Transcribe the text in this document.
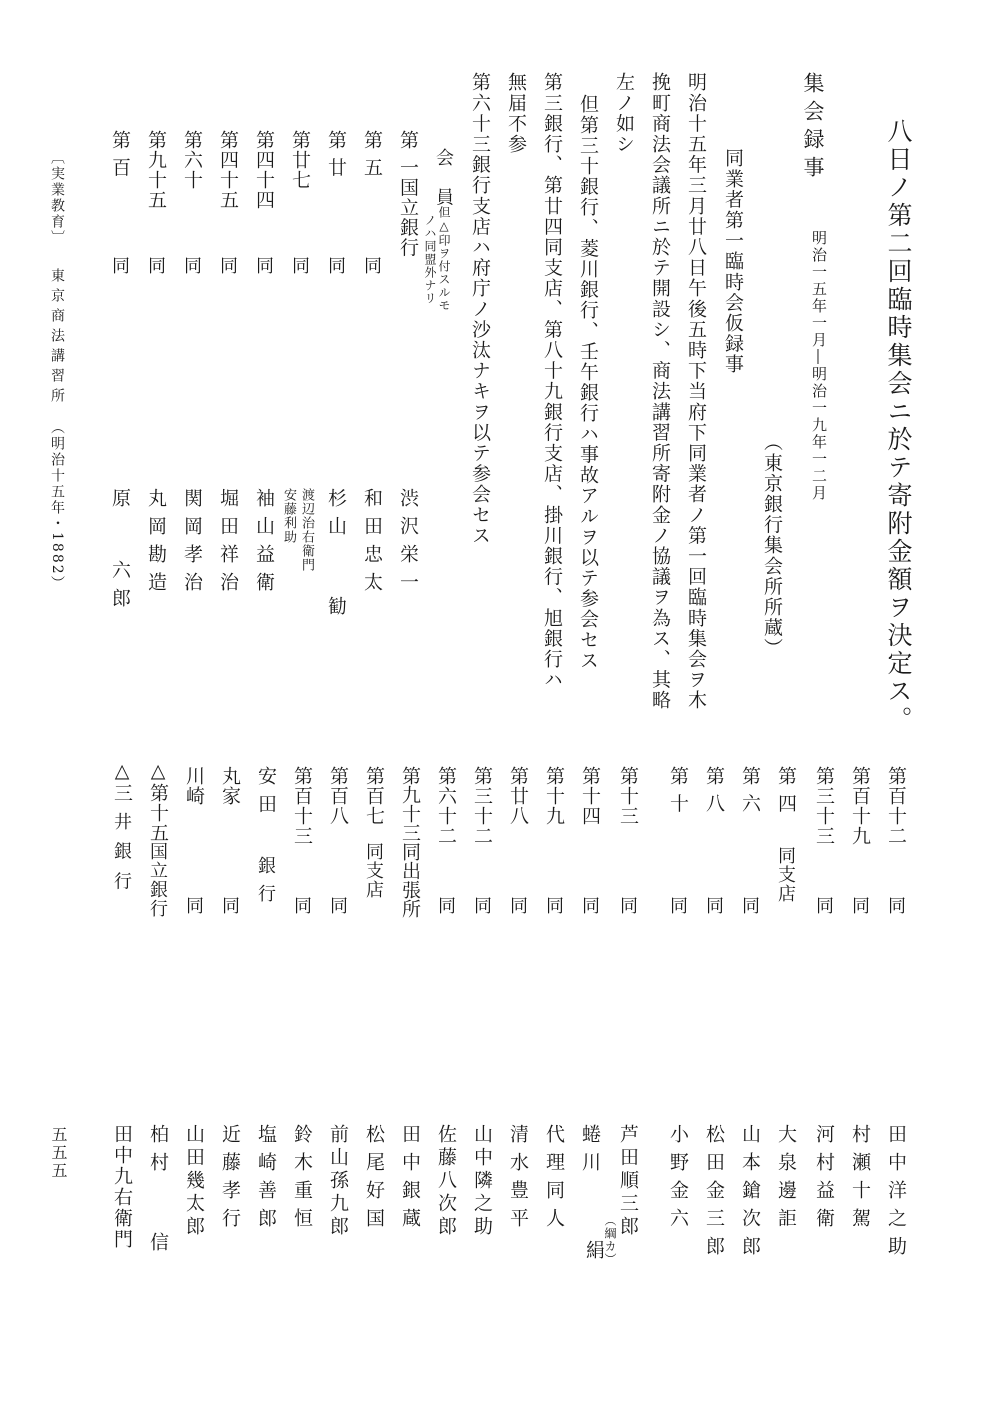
八日ノ第二回臨時集会ニ於テ寄附金額ヲ決定ス。
集会録事
明治一五年一月―明治一九年一二月
（東京銀行集会所所蔵）
同業者第一臨時会仮録事
明治十五年三月廿八日午後五時下当府下同業者ノ第一回臨時集会ヲ木
挽町商法会議所ニ於テ開設シ、商法講習所寄附金ノ協議ヲ為ス、其略
左ノ如シ
但第三十銀行、菱川銀行、壬午銀行ハ事故アルヲ以テ参会セス
第三銀行、第廿四同支店、第八十九銀行支店、掛川銀行、旭銀行ハ
無届不参
第六十三銀行支店ハ府庁ノ沙汰ナキヲ以テ参会セス
会 員
但△印ヲ付スルモ
ノハ同盟外ナリ
第 一国立銀行
渋沢栄一
第 五
同
和田忠太
第 廿
同
杉山
勧
第廿七
同
渡辺治右衛門
安藤利助
第四十四
同
袖山益衛
第四十五
同
堀田祥治
第六十
同
関岡孝治
第九十五
同
丸岡勘造
第 百
同
原
六郎
第百十二
同
田中洋之助
第百十九
同
村瀬十駕
第三十三
同
河村益衛
第 四
同支店
大泉邊詎
第 六
同
山本鎗次郎
第 八
同
松田金三郎
第 十
同
小野金六
第十三
同
芦田順三郎
第十四
同
蜷川
絹
（綱カ）
第十九
同
代理同人
第廿八
同
清水豊平
第三十二
同
山中隣之助
第六十二
同
佐藤八次郎
第九十三同出張所
田中銀蔵
第百七
同支店
松尾好国
第百八
同
前山孫九郎
第百十三
同
鈴木重恒
安田
銀行
塩崎善郎
丸家
同
近藤孝行
川崎
同
山田幾太郎
△第十五
国立銀行
柏村
信
△三
井 銀 行
田中九右衛門
〔実業教育〕
東京商法講習所
（明治十五年・1882）
五五五
